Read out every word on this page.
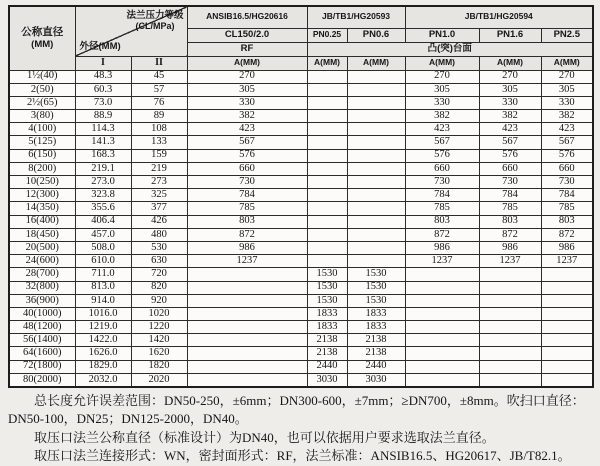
公称直径
(MM)

法兰压力等级
(CL/MPa)
外径(MM)
	ANSIB16.5/HG20616	JB/TB1/HG20593	JB/TB1/HG20594
			CL150/2.0	PN0.25	PN0.6	PN1.0	PN1.6	PN2.5
			RF	凸(突)台面				
	I	II	A(MM)	A(MM)	A(MM)	A(MM)	A(MM)	A(MM)
1½(40)	48.3	45	270			270	270	270
2(50)	60.3	57	305			305	305	305
2½(65)	73.0	76	330			330	330	330
3(80)	88.9	89	382			382	382	382
4(100)	114.3	108	423			423	423	423
5(125)	141.3	133	567			567	567	567
6(150)	168.3	159	576			576	576	576
8(200)	219.1	219	660			660	660	660
10(250)	273.0	273	730			730	730	730
12(300)	323.8	325	784			784	784	784
14(350)	355.6	377	785			785	785	785
16(400)	406.4	426	803			803	803	803
18(450)	457.0	480	872			872	872	872
20(500)	508.0	530	986			986	986	986
24(600)	610.0	630	1237			1237	1237	1237
28(700)	711.0	720		1530	1530			
32(800)	813.0	820		1530	1530			
36(900)	914.0	920		1530	1530			
40(1000)	1016.0	1020		1833	1833			
48(1200)	1219.0	1220		1833	1833			
56(1400)	1422.0	1420		2138	2138			
64(1600)	1626.0	1620		2138	2138			
72(1800)	1829.0	1820		2440	2440			
80(2000)	2032.0	2020		3030	3030			

总长度允许误差范围：DN50-250，±6mm；DN300-600，±7mm；≥DN700，±8mm。吹扫口直径：DN50-100，DN25；DN125-2000，DN40。

取压口法兰公称直径（标准设计）为DN40，也可以依据用户要求选取法兰直径。

取压口法兰连接形式：WN，密封面形式：RF，法兰标准：ANSIB16.5、HG20617、JB/T82.1。
